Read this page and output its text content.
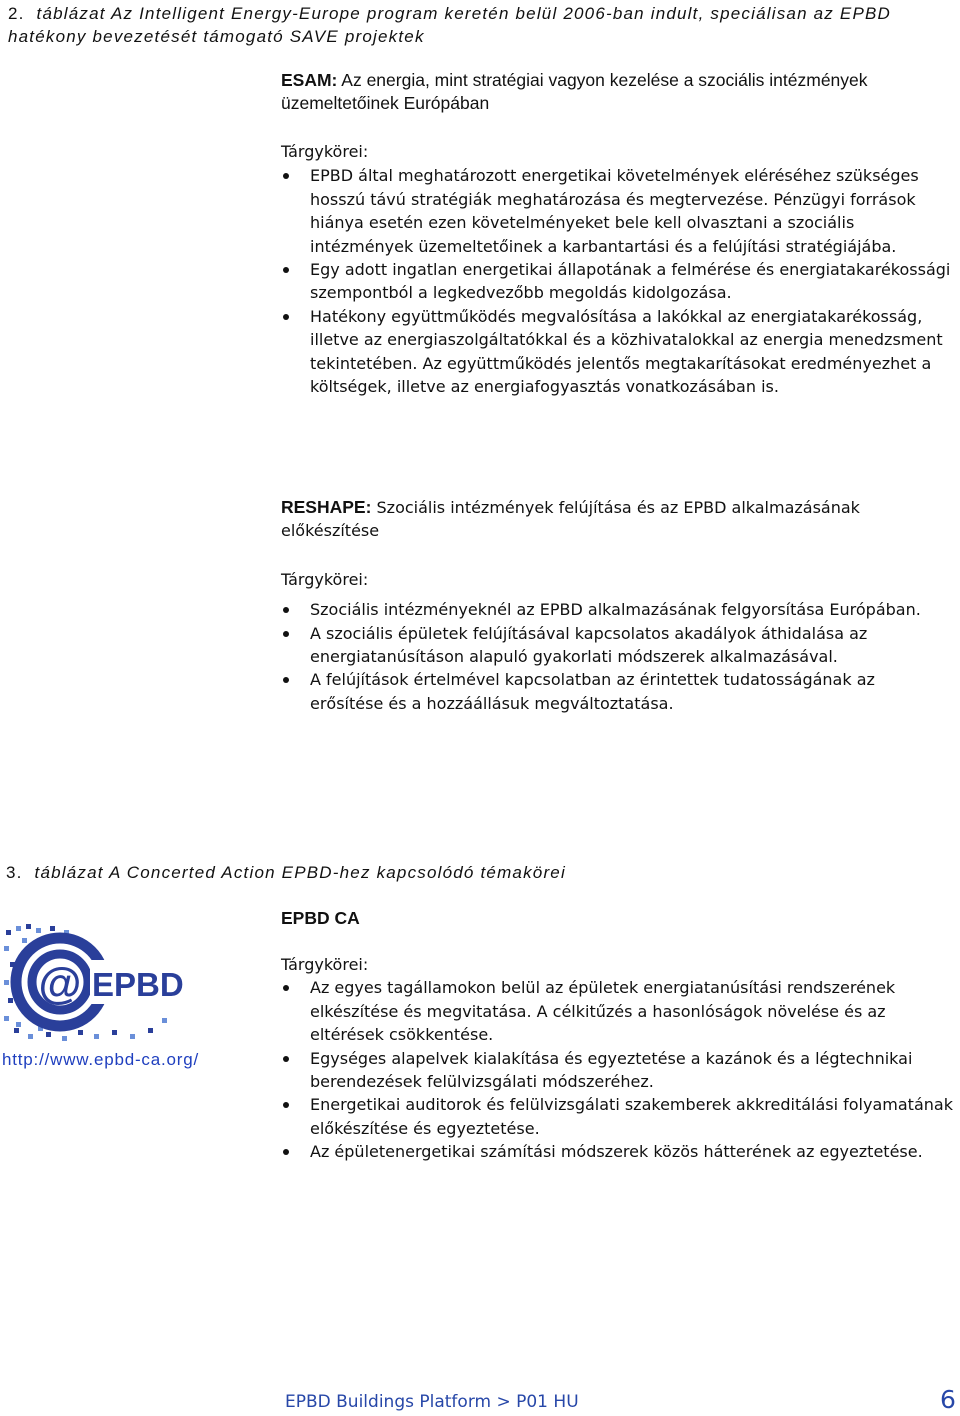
2. táblázat Az Intelligent Energy-Europe program keretén belül 2006-ban indult, speciálisan az EPBD hatékony bevezetését támogató SAVE projektek
ESAM: Az energia, mint stratégiai vagyon kezelése a szociális intézmények üzemeltetőinek Európában
Tárgykörei:
EPBD által meghatározott energetikai követelmények eléréséhez szükséges hosszú távú stratégiák meghatározása és megtervezése. Pénzügyi források hiánya esetén ezen követelményeket bele kell olvasztani a szociális intézmények üzemeltetőinek a karbantartási és a felújítási stratégiájába.
Egy adott ingatlan energetikai állapotának a felmérése és energiatakarékossági szempontból a legkedvezőbb megoldás kidolgozása.
Hatékony együttműködés megvalósítása a lakókkal az energiatakarékosság, illetve az energiaszolgáltatókkal és a közhivatalokkal az energia menedzsment tekintetében. Az együttműködés jelentős megtakarításokat eredményezhet a költségek, illetve az energiafogyasztás vonatkozásában is.
RESHAPE: Szociális intézmények felújítása és az EPBD alkalmazásának előkészítése
Tárgykörei:
Szociális intézményeknél az EPBD alkalmazásának felgyorsítása Európában.
A szociális épületek felújításával kapcsolatos akadályok áthidalása az energiatanúsításon alapuló gyakorlati módszerek alkalmazásával.
A felújítások értelmével kapcsolatban az érintettek tudatosságának az erősítése és a hozzáállásuk megváltoztatása.
3. táblázat A Concerted Action EPBD-hez kapcsolódó témakörei
@ EPBD
http://www.epbd-ca.org/
EPBD CA
Tárgykörei:
Az egyes tagállamokon belül az épületek energiatanúsítási rendszerének elkészítése és megvitatása. A célkitűzés a hasonlóságok növelése és az eltérések csökkentése.
Egységes alapelvek kialakítása és egyeztetése a kazánok és a légtechnikai berendezések felülvizsgálati módszeréhez.
Energetikai auditorok és felülvizsgálati szakemberek akkreditálási folyamatának előkészítése és egyeztetése.
Az épületenergetikai számítási módszerek közös hátterének az egyeztetése.
EPBD Buildings Platform > P01 HU	6
